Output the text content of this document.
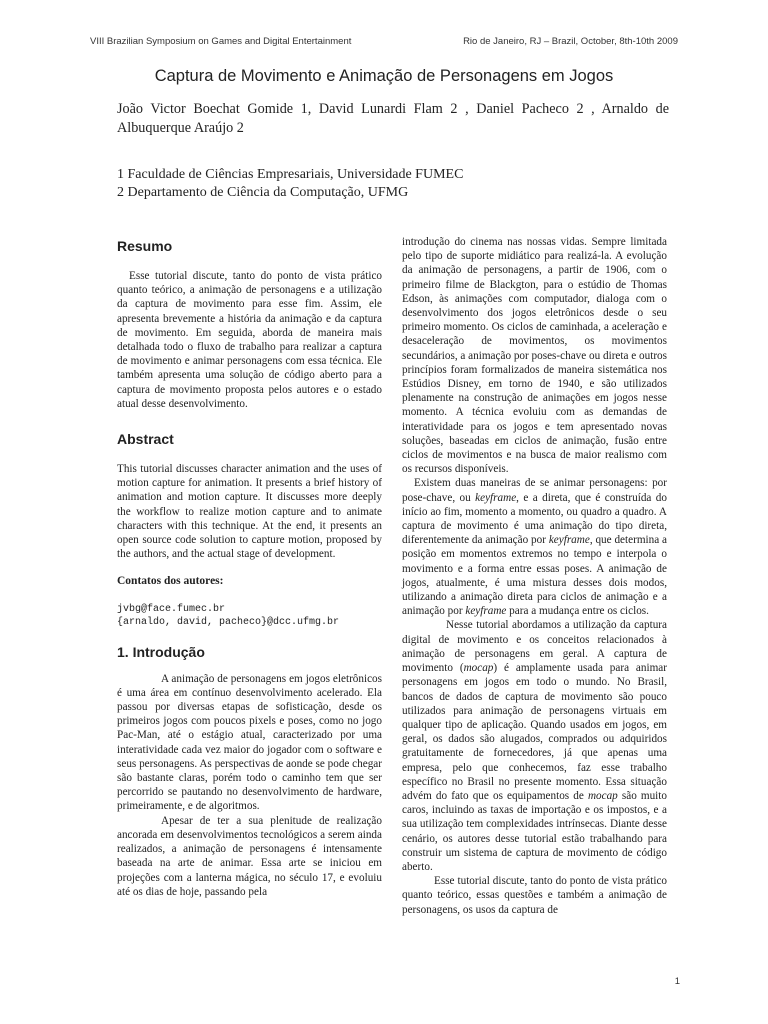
VIII Brazilian Symposium on Games and Digital Entertainment	Rio de Janeiro, RJ – Brazil, October, 8th-10th 2009
Captura de Movimento e Animação de Personagens em Jogos

João Victor Boechat Gomide 1, David Lunardi Flam 2 , Daniel Pacheco 2 , Arnaldo de Albuquerque Araújo 2

1 Faculdade de Ciências Empresariais, Universidade FUMEC

2 Departamento de Ciência da Computação, UFMG

Resumo

Esse tutorial discute, tanto do ponto de vista prático quanto teórico, a animação de personagens e a utilização da captura de movimento para esse fim. Assim, ele apresenta brevemente a história da animação e da captura de movimento. Em seguida, aborda de maneira mais detalhada todo o fluxo de trabalho para realizar a captura de movimento e animar personagens com essa técnica. Ele também apresenta uma solução de código aberto para a captura de movimento proposta pelos autores e o estado atual desse desenvolvimento.

Abstract

This tutorial discusses character animation and the uses of motion capture for animation. It presents a brief history of animation and motion capture. It discusses more deeply the workflow to realize motion capture and to animate characters with this technique. At the end, it presents an open source code solution to capture motion, proposed by the authors, and the actual stage of development.

Contatos dos autores:

jvbg@face.fumec.br

{arnaldo, david, pacheco}@dcc.ufmg.br

1. Introdução

A animação de personagens em jogos eletrônicos é uma área em contínuo desenvolvimento acelerado. Ela passou por diversas etapas de sofisticação, desde os primeiros jogos com poucos pixels e poses, como no jogo Pac-Man, até o estágio atual, caracterizado por uma interatividade cada vez maior do jogador com o software e seus personagens. As perspectivas de aonde se pode chegar são bastante claras, porém todo o caminho tem que ser percorrido se pautando no desenvolvimento de hardware, primeiramente, e de algoritmos.

Apesar de ter a sua plenitude de realização ancorada em desenvolvimentos tecnológicos a serem ainda realizados, a animação de personagens é intensamente baseada na arte de animar. Essa arte se iniciou em projeções com a lanterna mágica, no século 17, e evoluiu até os dias de hoje, passando pela

introdução do cinema nas nossas vidas. Sempre limitada pelo tipo de suporte midiático para realizá-la. A evolução da animação de personagens, a partir de 1906, com o primeiro filme de Blackgton, para o estúdio de Thomas Edson, às animações com computador, dialoga com o desenvolvimento dos jogos eletrônicos desde o seu primeiro momento. Os ciclos de caminhada, a aceleração e desaceleração de movimentos, os movimentos secundários, a animação por poses-chave ou direta e outros princípios foram formalizados de maneira sistemática nos Estúdios Disney, em torno de 1940, e são utilizados plenamente na construção de animações em jogos nesse momento. A técnica evoluiu com as demandas de interatividade para os jogos e tem apresentado novas soluções, baseadas em ciclos de animação, fusão entre ciclos de movimentos e na busca de maior realismo com os recursos disponíveis.

Existem duas maneiras de se animar personagens: por pose-chave, ou keyframe, e a direta, que é construída do início ao fim, momento a momento, ou quadro a quadro. A captura de movimento é uma animação do tipo direta, diferentemente da animação por keyframe, que determina a posição em momentos extremos no tempo e interpola o movimento e a forma entre essas poses. A animação de jogos, atualmente, é uma mistura desses dois modos, utilizando a animação direta para ciclos de animação e a animação por keyframe para a mudança entre os ciclos.

Nesse tutorial abordamos a utilização da captura digital de movimento e os conceitos relacionados à animação de personagens em geral. A captura de movimento (mocap) é amplamente usada para animar personagens em jogos em todo o mundo. No Brasil, bancos de dados de captura de movimento são pouco utilizados para animação de personagens virtuais em qualquer tipo de aplicação. Quando usados em jogos, em geral, os dados são alugados, comprados ou adquiridos gratuitamente de fornecedores, já que apenas uma empresa, pelo que conhecemos, faz esse trabalho específico no Brasil no presente momento. Essa situação advém do fato que os equipamentos de mocap são muito caros, incluindo as taxas de importação e os impostos, e a sua utilização tem complexidades intrínsecas. Diante desse cenário, os autores desse tutorial estão trabalhando para construir um sistema de captura de movimento de código aberto.

Esse tutorial discute, tanto do ponto de vista prático quanto teórico, essas questões e também a animação de personagens, os usos da captura de

1
